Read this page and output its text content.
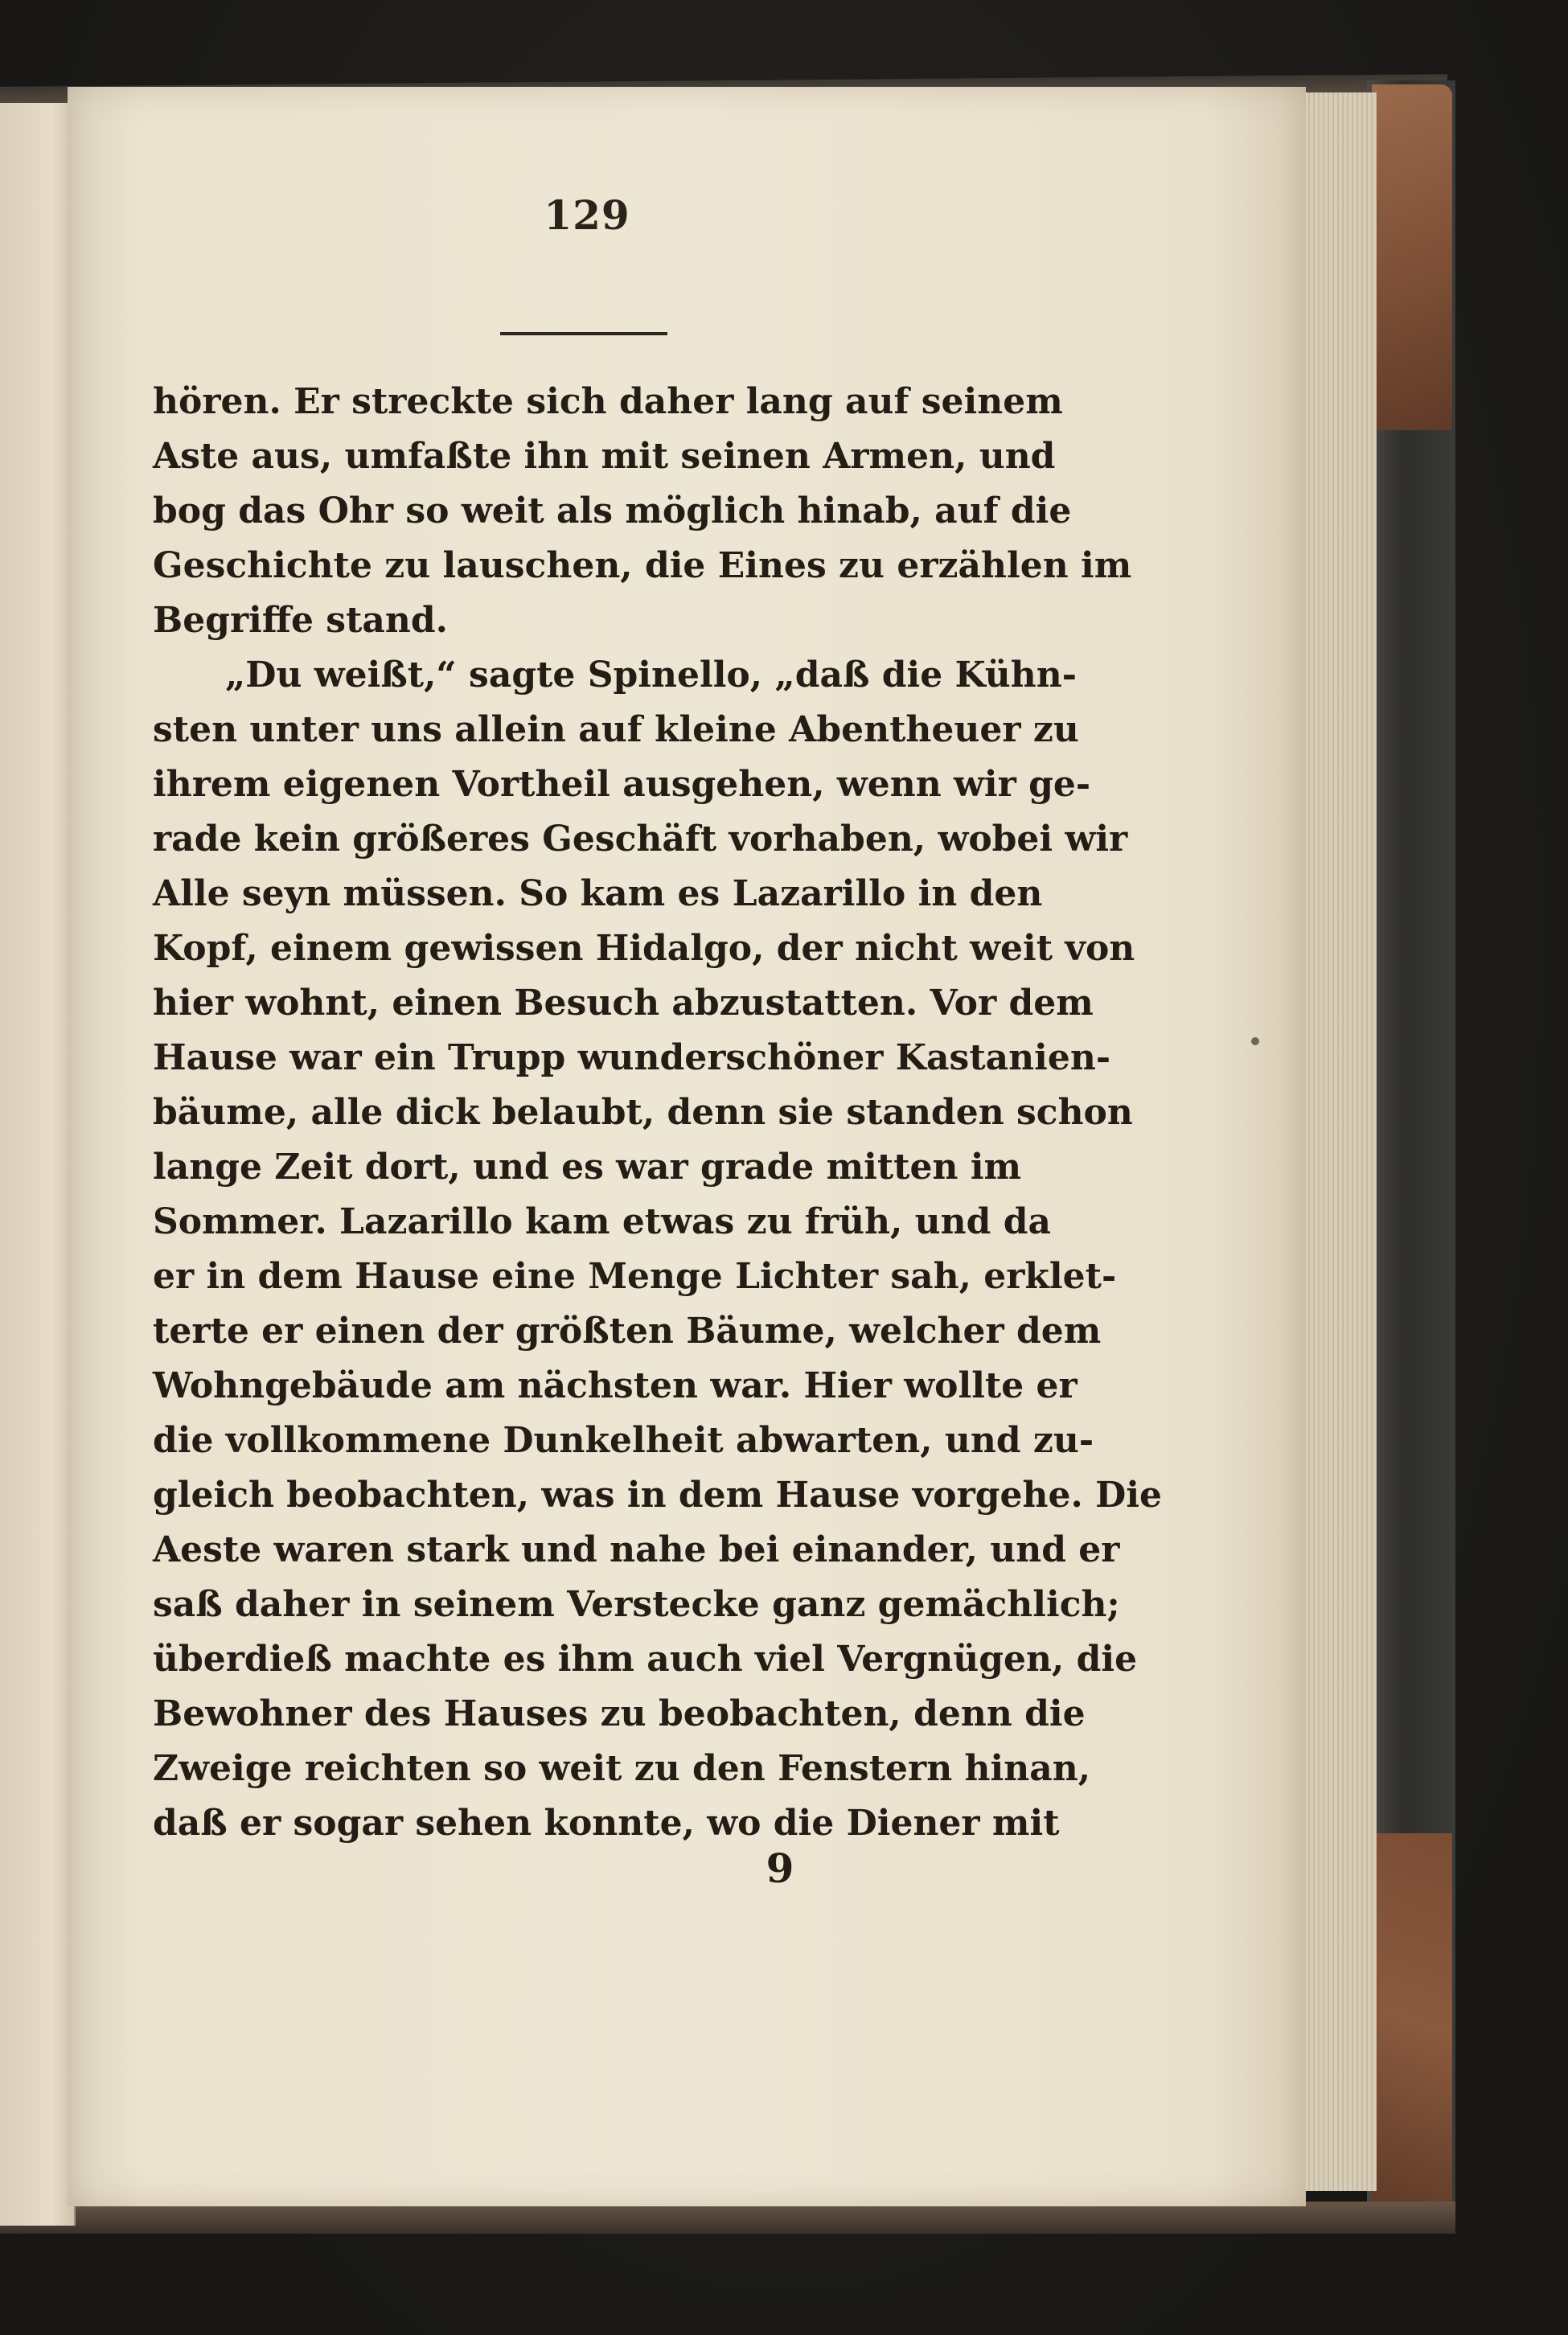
129
hören. Er streckte sich daher lang auf seinem
Aste aus, umfaßte ihn mit seinen Armen, und
bog das Ohr so weit als möglich hinab, auf die
Geschichte zu lauschen, die Eines zu erzählen im
Begriffe stand.
„Du weißt,“ sagte Spinello, „daß die Kühn-
sten unter uns allein auf kleine Abentheuer zu
ihrem eigenen Vortheil ausgehen, wenn wir ge-
rade kein größeres Geschäft vorhaben, wobei wir
Alle seyn müssen. So kam es Lazarillo in den
Kopf, einem gewissen Hidalgo, der nicht weit von
hier wohnt, einen Besuch abzustatten. Vor dem
Hause war ein Trupp wunderschöner Kastanien-
bäume, alle dick belaubt, denn sie standen schon
lange Zeit dort, und es war grade mitten im
Sommer. Lazarillo kam etwas zu früh, und da
er in dem Hause eine Menge Lichter sah, erklet-
terte er einen der größten Bäume, welcher dem
Wohngebäude am nächsten war. Hier wollte er
die vollkommene Dunkelheit abwarten, und zu-
gleich beobachten, was in dem Hause vorgehe. Die
Aeste waren stark und nahe bei einander, und er
saß daher in seinem Verstecke ganz gemächlich;
überdieß machte es ihm auch viel Vergnügen, die
Bewohner des Hauses zu beobachten, denn die
Zweige reichten so weit zu den Fenstern hinan,
daß er sogar sehen konnte, wo die Diener mit
9
